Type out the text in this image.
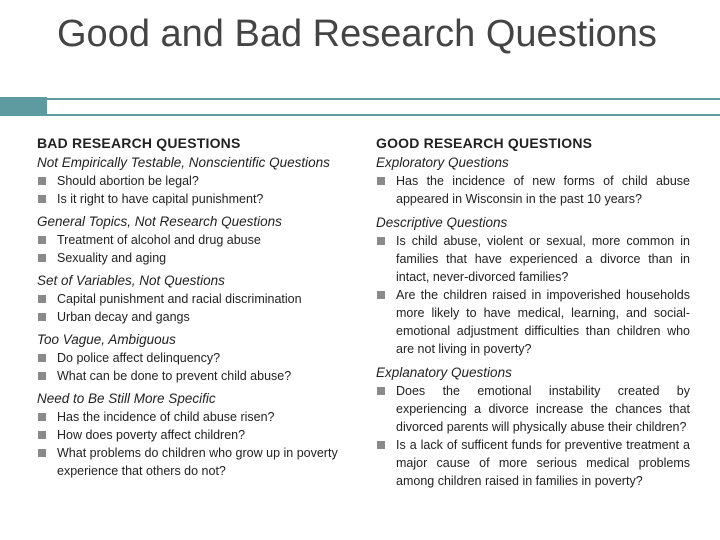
Good and Bad Research Questions
BAD RESEARCH QUESTIONS
Not Empirically Testable, Nonscientific Questions
Should abortion be legal?
Is it right to have capital punishment?
General Topics, Not Research Questions
Treatment of alcohol and drug abuse
Sexuality and aging
Set of Variables, Not Questions
Capital punishment and racial discrimination
Urban decay and gangs
Too Vague, Ambiguous
Do police affect delinquency?
What can be done to prevent child abuse?
Need to Be Still More Specific
Has the incidence of child abuse risen?
How does poverty affect children?
What problems do children who grow up in poverty experience that others do not?
GOOD RESEARCH QUESTIONS
Exploratory Questions
Has the incidence of new forms of child abuse appeared in Wisconsin in the past 10 years?
Descriptive Questions
Is child abuse, violent or sexual, more common in families that have experienced a divorce than in intact, never-divorced families?
Are the children raised in impoverished households more likely to have medical, learning, and social-emotional adjustment difficulties than children who are not living in poverty?
Explanatory Questions
Does the emotional instability created by experiencing a divorce increase the chances that divorced parents will physically abuse their children?
Is a lack of sufficent funds for preventive treatment a major cause of more serious medical problems among children raised in families in poverty?
